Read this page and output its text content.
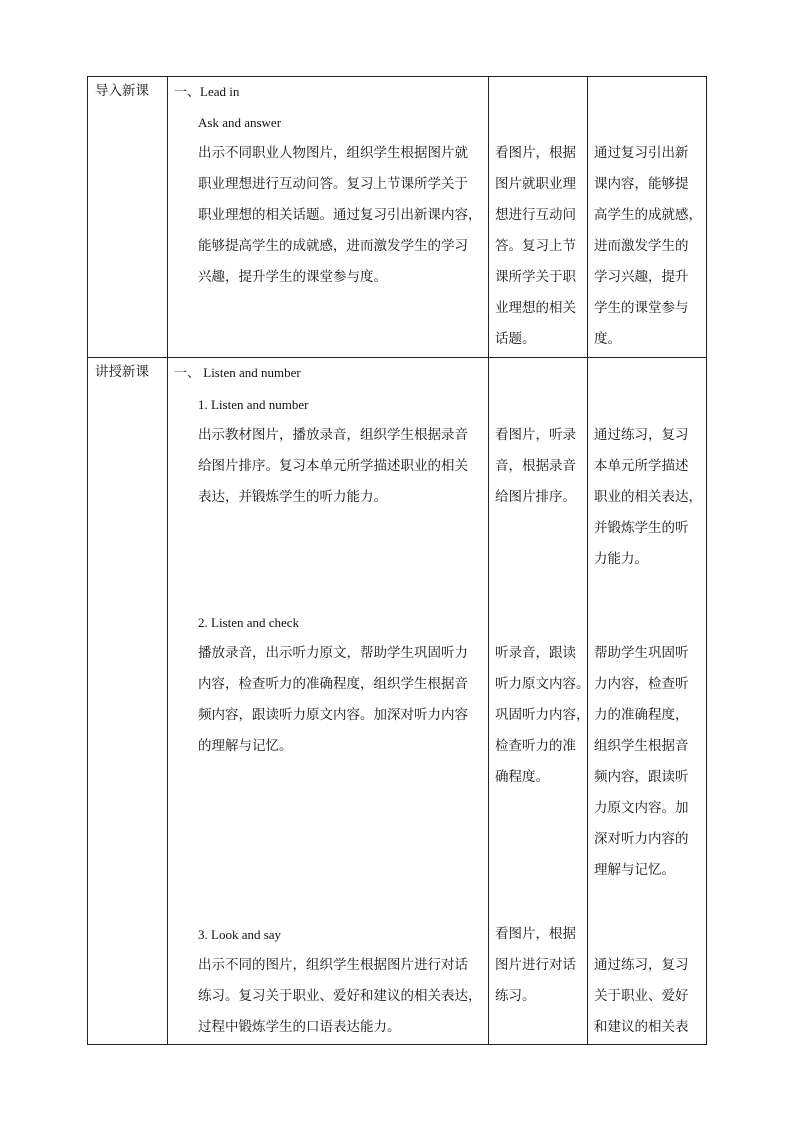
导入新课 一、Lead in
Ask and answer
出示不同职业人物图片，组织学生根据图片就
职业理想进行互动问答。复习上节课所学关于
职业理想的相关话题。通过复习引出新课内容，
能够提高学生的成就感，进而激发学生的学习
兴趣，提升学生的课堂参与度。
看图片，根据
图片就职业理
想进行互动问
答。复习上节
课所学关于职
业理想的相关
话题。
通过复习引出新
课内容，能够提
高学生的成就感，
进而激发学生的
学习兴趣，提升
学生的课堂参与
度。
讲授新课 一、 Listen and number
1. Listen and number
出示教材图片，播放录音，组织学生根据录音
给图片排序。复习本单元所学描述职业的相关
表达，并锻炼学生的听力能力。
看图片，听录
音，根据录音
给图片排序。
通过练习，复习
本单元所学描述
职业的相关表达，
并锻炼学生的听
力能力。
2. Listen and check
播放录音，出示听力原文，帮助学生巩固听力
内容，检查听力的准确程度，组织学生根据音
频内容，跟读听力原文内容。加深对听力内容
的理解与记忆。
听录音，跟读
听力原文内容。
巩固听力内容，
检查听力的准
确程度。
帮助学生巩固听
力内容，检查听
力的准确程度，
组织学生根据音
频内容，跟读听
力原文内容。加
深对听力内容的
理解与记忆。
3. Look and say
出示不同的图片，组织学生根据图片进行对话
练习。复习关于职业、爱好和建议的相关表达，
过程中锻炼学生的口语表达能力。
看图片，根据
图片进行对话
练习。
通过练习，复习
关于职业、爱好
和建议的相关表
